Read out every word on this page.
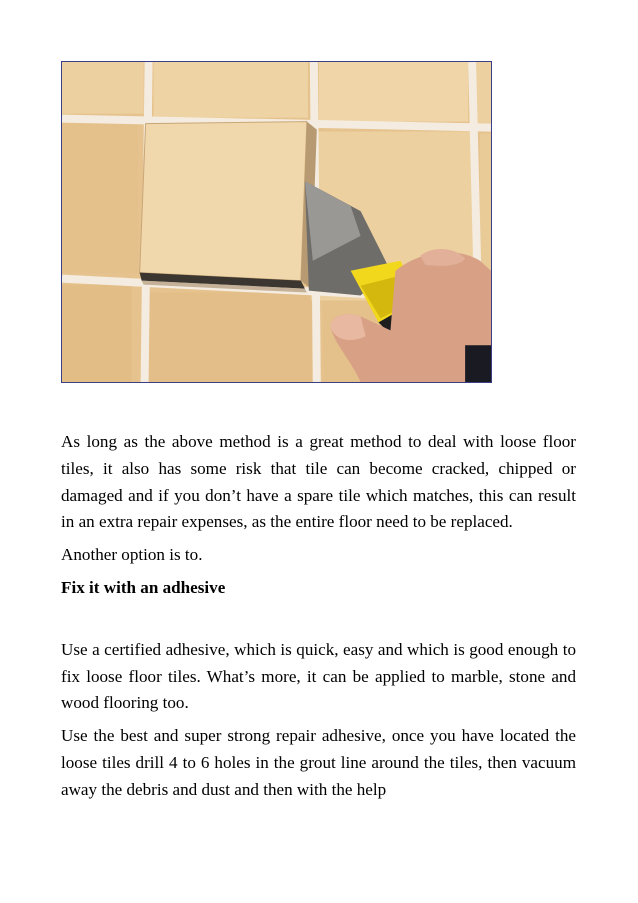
As long as the above method is a great method to deal with loose floor tiles, it also has some risk that tile can become cracked, chipped or damaged and if you don’t have a spare tile which matches, this can result in an extra repair expenses, as the entire floor need to be replaced.

Another option is to.

Fix it with an adhesive

Use a certified adhesive, which is quick, easy and which is good enough to fix loose floor tiles. What’s more, it can be applied to marble, stone and wood flooring too.

Use the best and super strong repair adhesive, once you have located the loose tiles drill 4 to 6 holes in the grout line around the tiles, then vacuum away the debris and dust and then with the help
